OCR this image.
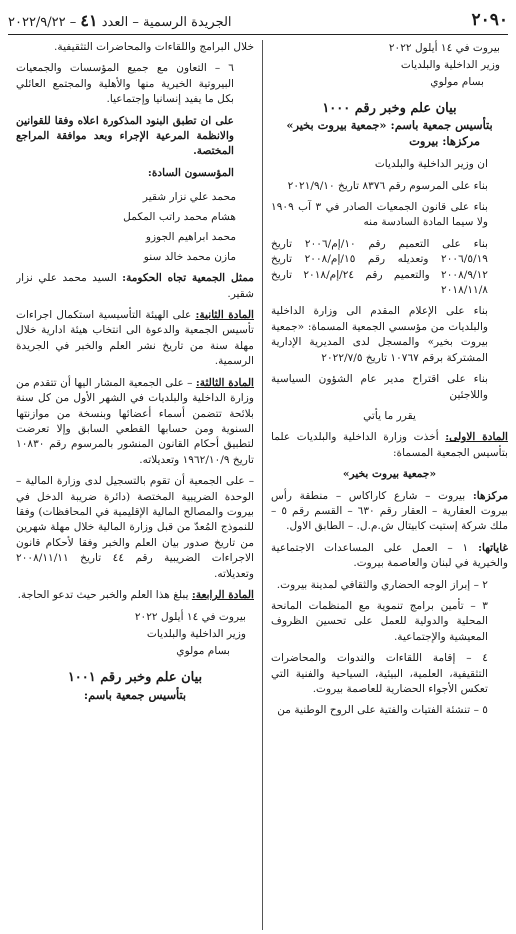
٢٠٩٠
الجريدة الرسمية – العدد ٤١ – ٢٠٢٢/٩/٢٢

بيروت في ١٤ أيلول ٢٠٢٢

وزير الداخلية والبلديات

بسام مولوي

بيان علم وخبر رقم ١٠٠٠
بتأسيس جمعية باسم: «جمعية بيروت بخير»
مركزها: بيروت

ان وزير الداخلية والبلديات

بناء على المرسوم رقم ٨٣٧٦ تاريخ ٢٠٢١/٩/١٠

بناء على قانون الجمعيات الصادر في ٣ آب ١٩٠٩ ولا سيما المادة السادسة منه

بناء على التعميم رقم ١٠/إم/٢٠٠٦ تاريخ ٢٠٠٦/٥/١٩ وتعديله رقم ١٥/إم/٢٠٠٨ تاريخ ٢٠٠٨/٩/١٢ والتعميم رقم ٢٤/إم/٢٠١٨ تاريخ ٢٠١٨/١١/٨

بناء على الإعلام المقدم الى وزارة الداخلية والبلديات من مؤسسي الجمعية المسماة: «جمعية بيروت بخير» والمسجل لدى المديرية الإدارية المشتركة برقم ١٠٧٦٧ تاريخ ٢٠٢٢/٧/٥

بناء على اقتراح مدير عام الشؤون السياسية واللاجئين

يقرر ما يأتي

المادة الاولى: أخذت وزارة الداخلية والبلديات علما بتأسيس الجمعية المسماة:

«جمعية بيروت بخير»

مركزها: بيروت – شارع كاراكاس – منطقة رأس بيروت العقارية – العقار رقم ٦٣٠ – القسم رقم ٥ – ملك شركة إستيت كابيتال ش.م.ل. – الطابق الاول.

غاياتها: ١ – العمل على المساعدات الاجتماعية والخيرية في لبنان والعاصمة بيروت.

٢ – إبراز الوجه الحضاري والثقافي لمدينة بيروت.

٣ – تأمين برامج تنموية مع المنظمات المانحة المحلية والدولية للعمل على تحسين الظروف المعيشية والإجتماعية.

٤ – إقامة اللقاءات والندوات والمحاضرات التثقيفية، العلمية، البيئية، السياحية والفنية التي تعكس الأجواء الحضارية للعاصمة بيروت.

٥ – تنشئة الفتيات والفتية على الروح الوطنية من

خلال البرامج واللقاءات والمحاضرات التثقيفية.

٦ – التعاون مع جميع المؤسسات والجمعيات البيروتية الخيرية منها والأهلية والمجتمع العائلي بكل ما يفيد إنسانيا وإجتماعيا.

على ان تطبق البنود المذكورة اعلاه وفقا للقوانين والانظمة المرعية الإجراء وبعد موافقة المراجع المختصة.

المؤسسون السادة:

محمد علي نزار شقير
هشام محمد راتب المكمل
محمد ابراهيم الجوزو
مازن محمد خالد سنو

ممثل الجمعية تجاه الحكومة: السيد محمد علي نزار شقير.

المادة الثانية: على الهيئة التأسيسية استكمال اجراءات تأسيس الجمعية والدعوة الى انتخاب هيئة ادارية خلال مهلة سنة من تاريخ نشر العلم والخبر في الجريدة الرسمية.

المادة الثالثة: – على الجمعية المشار اليها أن تتقدم من وزارة الداخلية والبلديات في الشهر الأول من كل سنة بلائحة تتضمن أسماء أعضائها وبنسخة من موازنتها السنوية ومن حسابها القطعي السابق وإلا تعرضت لتطبيق أحكام القانون المنشور بالمرسوم رقم ١٠٨٣٠ تاريخ ١٩٦٢/١٠/٩ وتعديلاته.

– على الجمعية أن تقوم بالتسجيل لدى وزارة المالية – الوحدة الضريبية المختصة (دائرة ضريبة الدخل في بيروت والمصالح المالية الإقليمية في المحافظات) وفقا للنموذج المُعدّ من قبل وزارة المالية خلال مهلة شهرين من تاريخ صدور بيان العلم والخبر وفقا لأحكام قانون الاجراءات الضريبية رقم ٤٤ تاريخ ٢٠٠٨/١١/١١ وتعديلاته.

المادة الرابعة: يبلغ هذا العلم والخبر حيث تدعو الحاجة.

بيروت في ١٤ أيلول ٢٠٢٢

وزير الداخلية والبلديات

بسام مولوي

بيان علم وخبر رقم ١٠٠١
بتأسيس جمعية باسم:
